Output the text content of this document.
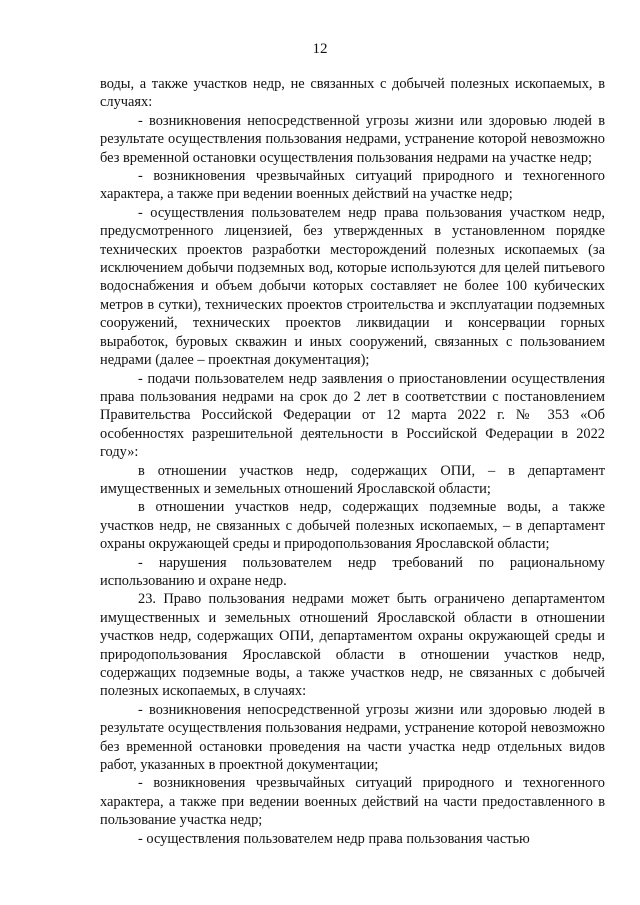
12

воды, а также участков недр, не связанных с добычей полезных ископаемых, в случаях:

- возникновения непосредственной угрозы жизни или здоровью людей в результате осуществления пользования недрами, устранение которой невозможно без временной остановки осуществления пользования недрами на участке недр;

- возникновения чрезвычайных ситуаций природного и техногенного характера, а также при ведении военных действий на участке недр;

- осуществления пользователем недр права пользования участком недр, предусмотренного лицензией, без утвержденных в установленном порядке технических проектов разработки месторождений полезных ископаемых (за исключением добычи подземных вод, которые используются для целей питьевого водоснабжения и объем добычи которых составляет не более 100 кубических метров в сутки), технических проектов строительства и эксплуатации подземных сооружений, технических проектов ликвидации и консервации горных выработок, буровых скважин и иных сооружений, связанных с пользованием недрами (далее – проектная документация);

- подачи пользователем недр заявления о приостановлении осуществления права пользования недрами на срок до 2 лет в соответствии с постановлением Правительства Российской Федерации от 12 марта 2022 г. № 353 «Об особенностях разрешительной деятельности в Российской Федерации в 2022 году»:

в отношении участков недр, содержащих ОПИ, – в департамент имущественных и земельных отношений Ярославской области;

в отношении участков недр, содержащих подземные воды, а также участков недр, не связанных с добычей полезных ископаемых, – в департамент охраны окружающей среды и природопользования Ярославской области;

- нарушения пользователем недр требований по рациональному использованию и охране недр.

23. Право пользования недрами может быть ограничено департаментом имущественных и земельных отношений Ярославской области в отношении участков недр, содержащих ОПИ, департаментом охраны окружающей среды и природопользования Ярославской области в отношении участков недр, содержащих подземные воды, а также участков недр, не связанных с добычей полезных ископаемых, в случаях:

- возникновения непосредственной угрозы жизни или здоровью людей в результате осуществления пользования недрами, устранение которой невозможно без временной остановки проведения на части участка недр отдельных видов работ, указанных в проектной документации;

- возникновения чрезвычайных ситуаций природного и техногенного характера, а также при ведении военных действий на части предоставленного в пользование участка недр;

- осуществления пользователем недр права пользования частью
